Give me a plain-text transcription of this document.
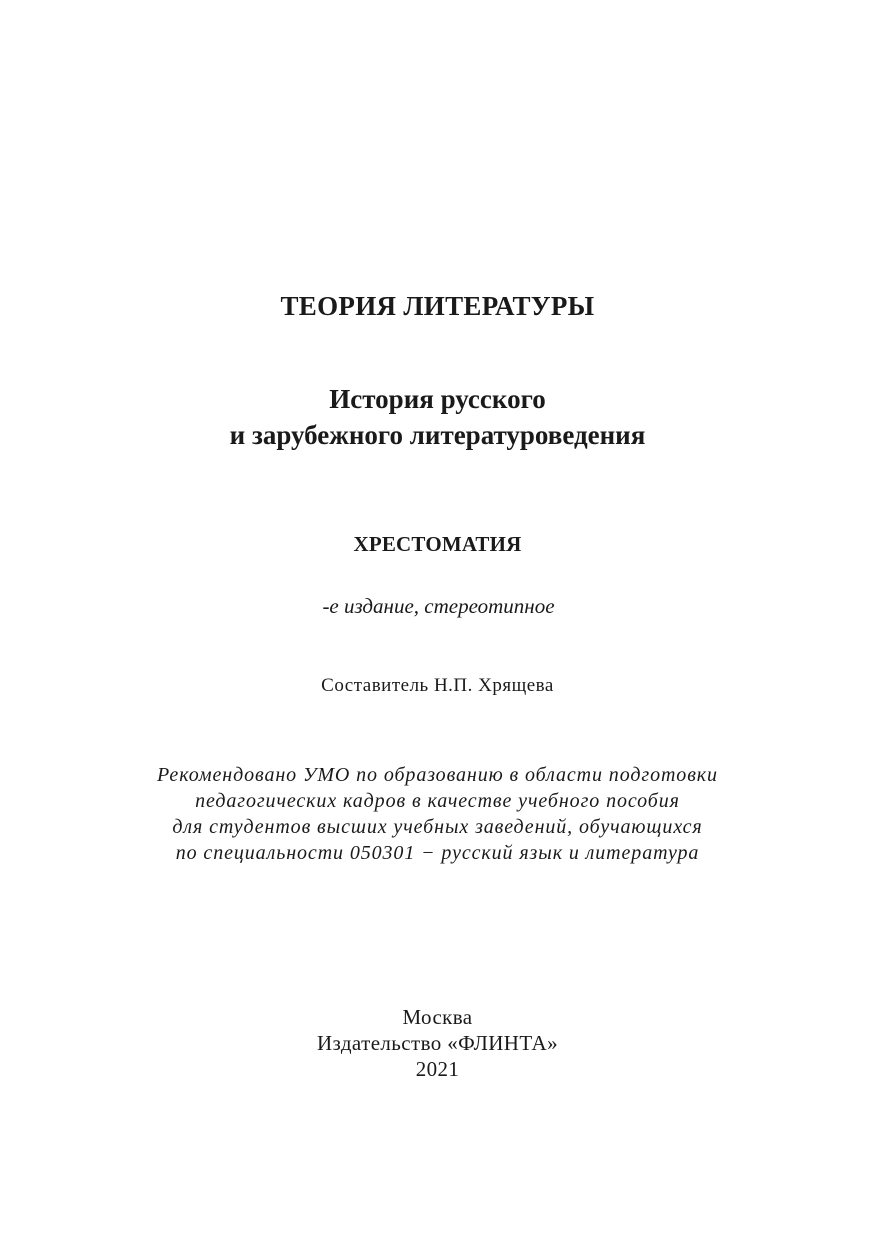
ТЕОРИЯ ЛИТЕРАТУРЫ
История русского
и зарубежного литературоведения
ХРЕСТОМАТИЯ
-е издание, стереотипное
Составитель Н.П. Хрящева
Рекомендовано УМО по образованию в области подготовки
педагогических кадров в качестве учебного пособия
для студентов высших учебных заведений, обучающихся
по специальности 050301 − русский язык и литература
Москва
Издательство «ФЛИНТА»
2021
